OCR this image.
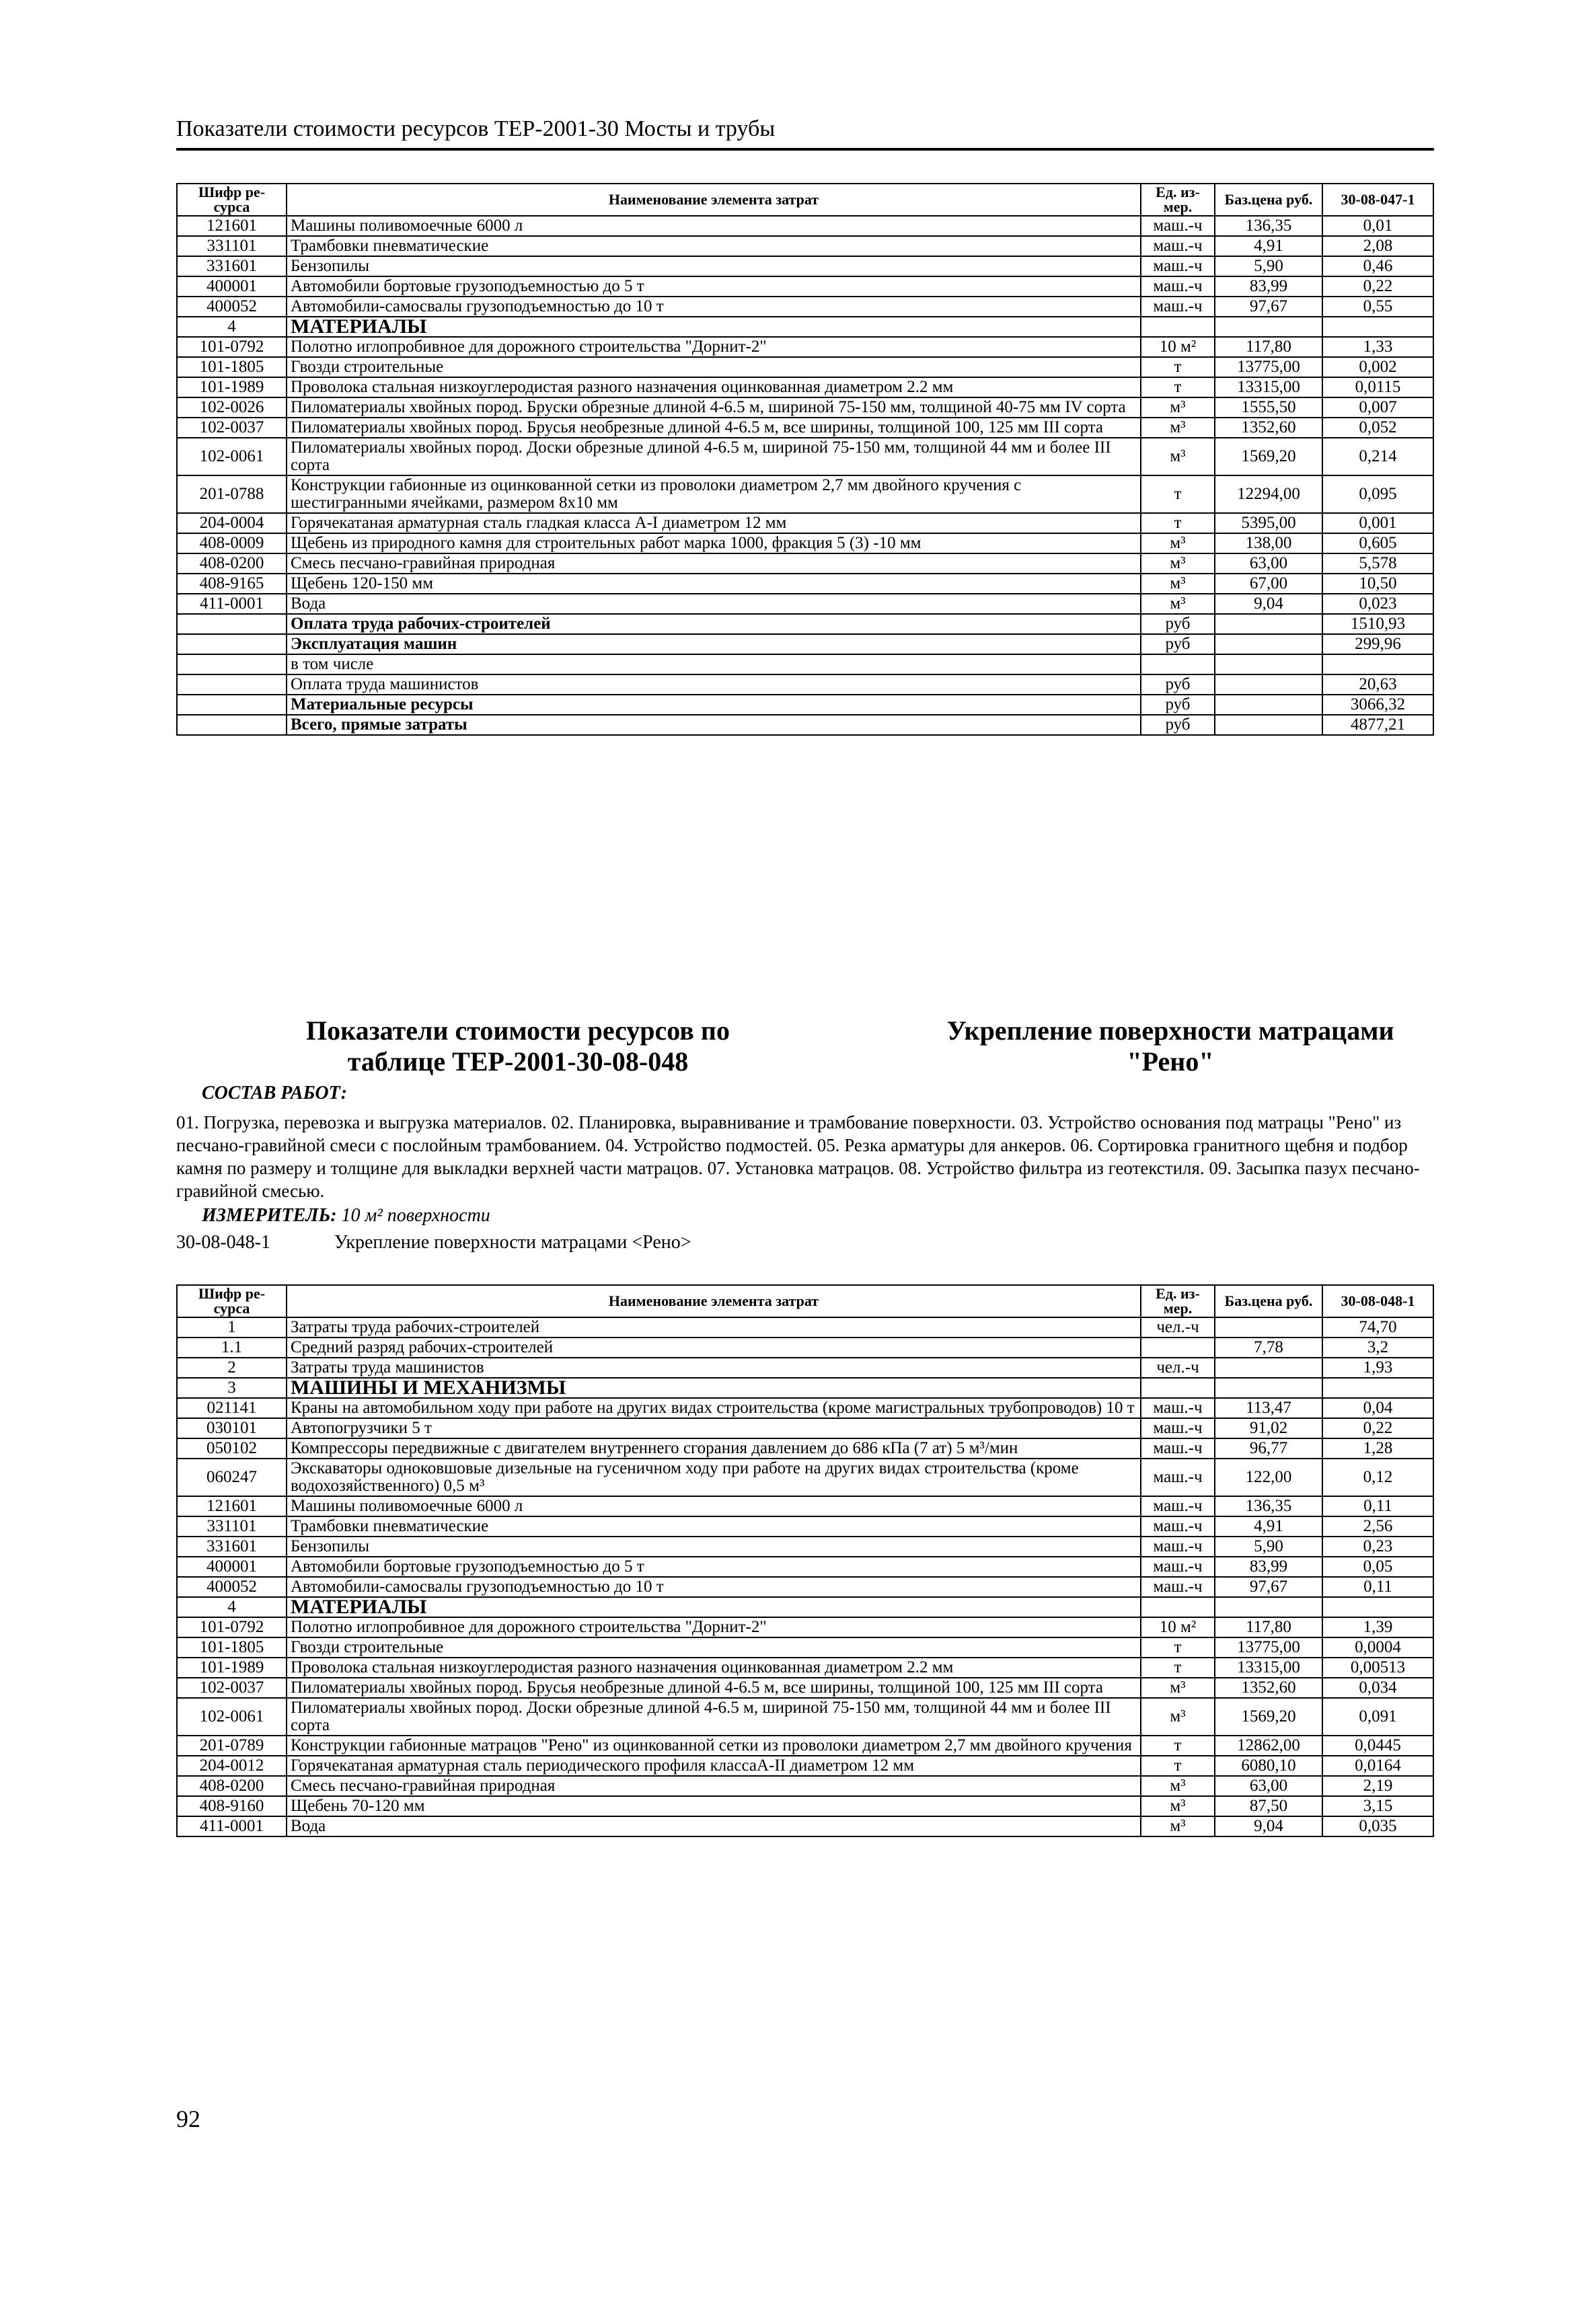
Показатели стоимости ресурсов ТЕР-2001-30 Мосты и трубы
Шифр ре-сурса	Наименование элемента затрат	Ед. из-мер.	Баз.цена руб.	30-08-047-1
121601	Машины поливомоечные 6000 л	маш.-ч	136,35	0,01
331101	Трамбовки пневматические	маш.-ч	4,91	2,08
331601	Бензопилы	маш.-ч	5,90	0,46
400001	Автомобили бортовые грузоподъемностью до 5 т	маш.-ч	83,99	0,22
400052	Автомобили-самосвалы грузоподъемностью до 10 т	маш.-ч	97,67	0,55
4	МАТЕРИАЛЫ			
101-0792	Полотно иглопробивное для дорожного строительства "Дорнит-2"	10 м²	117,80	1,33
101-1805	Гвозди строительные	т	13775,00	0,002
101-1989	Проволока стальная низкоуглеродистая разного назначения оцинкованная диаметром 2.2 мм	т	13315,00	0,0115
102-0026	Пиломатериалы хвойных пород. Бруски обрезные длиной 4-6.5 м, шириной 75-150 мм, толщиной 40-75 мм IV сорта	м³	1555,50	0,007
102-0037	Пиломатериалы хвойных пород. Брусья необрезные длиной 4-6.5 м, все ширины, толщиной 100, 125 мм III сорта	м³	1352,60	0,052
102-0061	Пиломатериалы хвойных пород. Доски обрезные длиной 4-6.5 м, шириной 75-150 мм, толщиной 44 мм и более III сорта	м³	1569,20	0,214
201-0788	Конструкции габионные из оцинкованной сетки из проволоки диаметром 2,7 мм двойного кручения с шестигранными ячейками, размером 8х10 мм	т	12294,00	0,095
204-0004	Горячекатаная арматурная сталь гладкая класса А-I диаметром 12 мм	т	5395,00	0,001
408-0009	Щебень из природного камня для строительных работ марка 1000, фракция 5 (3) -10 мм	м³	138,00	0,605
408-0200	Смесь песчано-гравийная природная	м³	63,00	5,578
408-9165	Щебень 120-150 мм	м³	67,00	10,50
411-0001	Вода	м³	9,04	0,023
	Оплата труда рабочих-строителей	руб		1510,93
	Эксплуатация машин	руб		299,96
	в том числе			
	Оплата труда машинистов	руб		20,63
	Материальные ресурсы	руб		3066,32
	Всего, прямые затраты	руб		4877,21
Показатели стоимости ресурсов по таблице ТЕР-2001-30-08-048
Укрепление поверхности матрацами "Рено"
СОСТАВ РАБОТ:
01. Погрузка, перевозка и выгрузка материалов. 02. Планировка, выравнивание и трамбование поверхности. 03. Устройство основания под матрацы "Рено" из песчано-гравийной смеси с послойным трамбованием. 04. Устройство подмостей. 05. Резка арматуры для анкеров. 06. Сортировка гранитного щебня и подбор камня по размеру и толщине для выкладки верхней части матрацов. 07. Установка матрацов. 08. Устройство фильтра из геотекстиля. 09. Засыпка пазух песчано-гравийной смесью.
ИЗМЕРИТЕЛЬ: 10 м² поверхности
30-08-048-1	Укрепление поверхности матрацами <Рено>
Шифр ре-сурса	Наименование элемента затрат	Ед. из-мер.	Баз.цена руб.	30-08-048-1
1	Затраты труда рабочих-строителей	чел.-ч		74,70
1.1	Средний разряд рабочих-строителей		7,78	3,2
2	Затраты труда машинистов	чел.-ч		1,93
3	МАШИНЫ И МЕХАНИЗМЫ			
021141	Краны на автомобильном ходу при работе на других видах строительства (кроме магистральных трубопроводов) 10 т	маш.-ч	113,47	0,04
030101	Автопогрузчики 5 т	маш.-ч	91,02	0,22
050102	Компрессоры передвижные с двигателем внутреннего сгорания давлением до 686 кПа (7 ат) 5 м³/мин	маш.-ч	96,77	1,28
060247	Экскаваторы одноковшовые дизельные на гусеничном ходу при работе на других видах строительства (кроме водохозяйственного) 0,5 м³	маш.-ч	122,00	0,12
121601	Машины поливомоечные 6000 л	маш.-ч	136,35	0,11
331101	Трамбовки пневматические	маш.-ч	4,91	2,56
331601	Бензопилы	маш.-ч	5,90	0,23
400001	Автомобили бортовые грузоподъемностью до 5 т	маш.-ч	83,99	0,05
400052	Автомобили-самосвалы грузоподъемностью до 10 т	маш.-ч	97,67	0,11
4	МАТЕРИАЛЫ			
101-0792	Полотно иглопробивное для дорожного строительства "Дорнит-2"	10 м²	117,80	1,39
101-1805	Гвозди строительные	т	13775,00	0,0004
101-1989	Проволока стальная низкоуглеродистая разного назначения оцинкованная диаметром 2.2 мм	т	13315,00	0,00513
102-0037	Пиломатериалы хвойных пород. Брусья необрезные длиной 4-6.5 м, все ширины, толщиной 100, 125 мм III сорта	м³	1352,60	0,034
102-0061	Пиломатериалы хвойных пород. Доски обрезные длиной 4-6.5 м, шириной 75-150 мм, толщиной 44 мм и более III сорта	м³	1569,20	0,091
201-0789	Конструкции габионные матрацов "Рено" из оцинкованной сетки из проволоки диаметром 2,7 мм двойного кручения	т	12862,00	0,0445
204-0012	Горячекатаная арматурная сталь периодического профиля классаА-II диаметром 12 мм	т	6080,10	0,0164
408-0200	Смесь песчано-гравийная природная	м³	63,00	2,19
408-9160	Щебень 70-120 мм	м³	87,50	3,15
411-0001	Вода	м³	9,04	0,035
92
